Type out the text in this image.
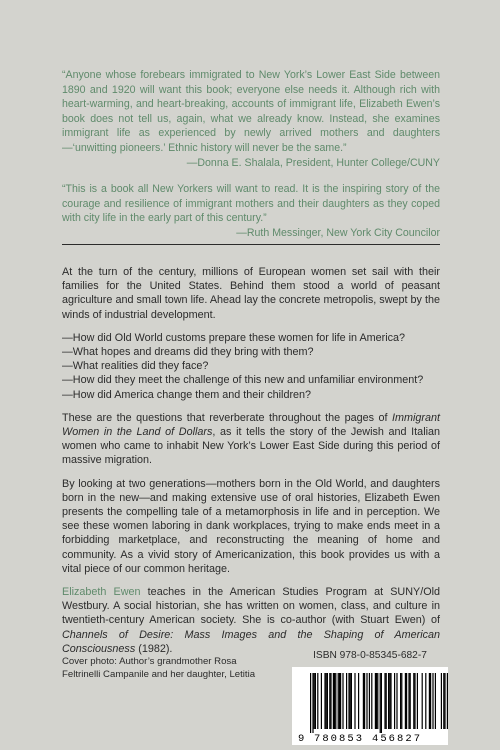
“Anyone whose forebears immigrated to New York’s Lower East Side between 1890 and 1920 will want this book; everyone else needs it. Although rich with heart-warming, and heart-breaking, accounts of immigrant life, Elizabeth Ewen’s book does not tell us, again, what we already know. Instead, she examines immigrant life as experienced by newly arrived mothers and daughters—‘unwitting pioneers.’ Ethnic history will never be the same.”

—Donna E. Shalala, President, Hunter College/CUNY

“This is a book all New Yorkers will want to read. It is the inspiring story of the courage and resilience of immigrant mothers and their daughters as they coped with city life in the early part of this century.”

—Ruth Messinger, New York City Councilor

At the turn of the century, millions of European women set sail with their families for the United States. Behind them stood a world of peasant agriculture and small town life. Ahead lay the concrete metropolis, swept by the winds of industrial development.

—How did Old World customs prepare these women for life in America?
—What hopes and dreams did they bring with them?
—What realities did they face?
—How did they meet the challenge of this new and unfamiliar environment?
—How did America change them and their children?

These are the questions that reverberate throughout the pages of Immigrant Women in the Land of Dollars, as it tells the story of the Jewish and Italian women who came to inhabit New York’s Lower East Side during this period of massive migration.

By looking at two generations—mothers born in the Old World, and daughters born in the new—and making extensive use of oral histories, Elizabeth Ewen presents the compelling tale of a metamorphosis in life and in perception. We see these women laboring in dank workplaces, trying to make ends meet in a forbidding marketplace, and reconstructing the meaning of home and community. As a vivid story of Americanization, this book provides us with a vital piece of our common heritage.

Elizabeth Ewen teaches in the American Studies Program at SUNY/Old Westbury. A social historian, she has written on women, class, and culture in twentieth-century American society. She is co-author (with Stuart Ewen) of Channels of Desire: Mass Images and the Shaping of American Consciousness (1982).

Cover photo: Author’s grandmother Rosa
Feltrinelli Campanile and her daughter, Letitia
ISBN 978-0-85345-682-7
9 780853 456827
